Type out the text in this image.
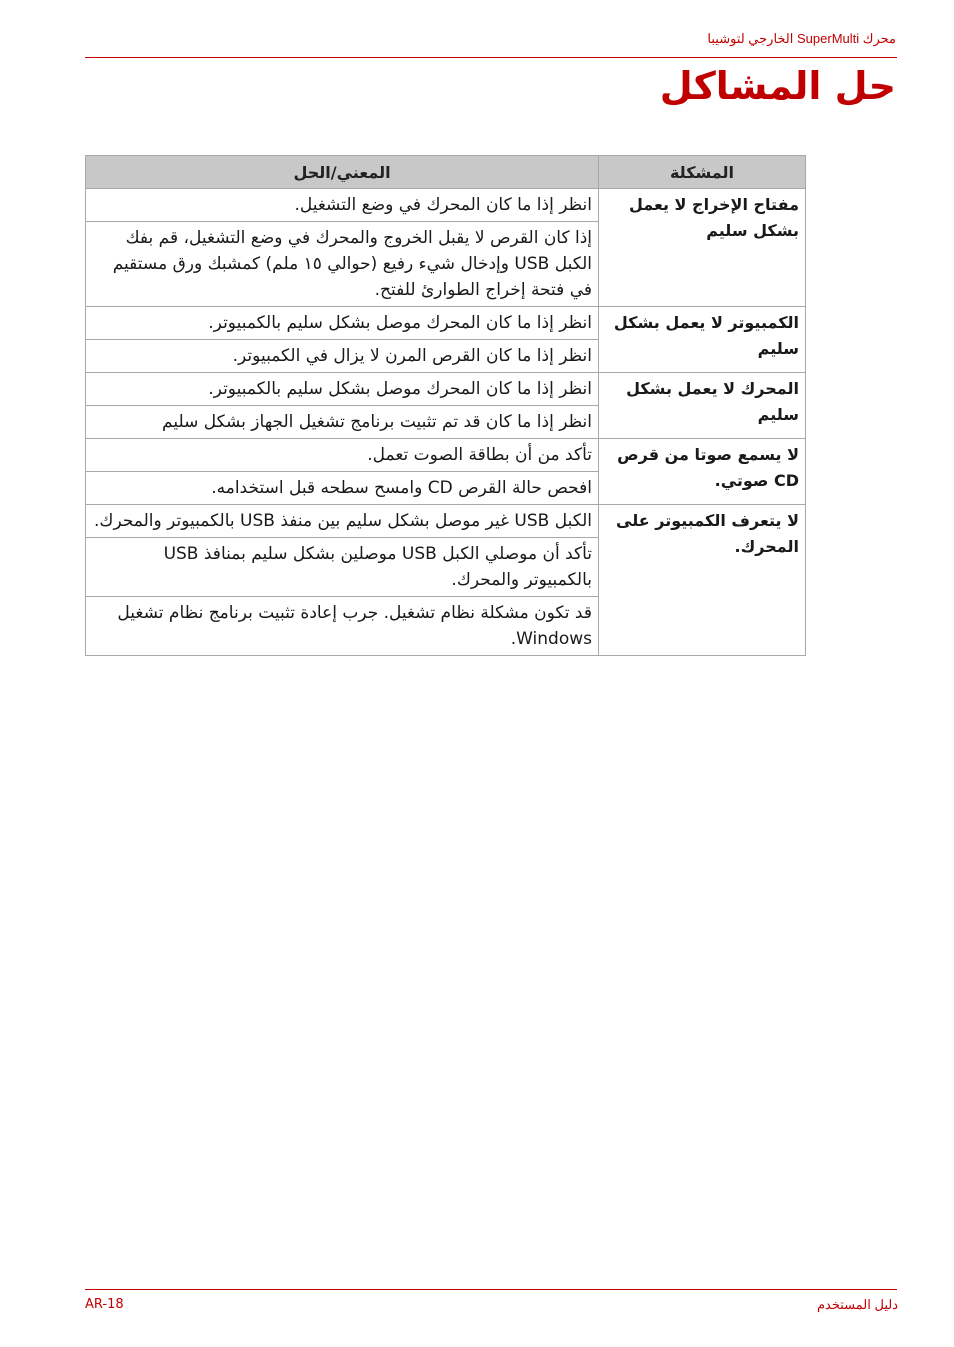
محرك SuperMulti الخارجي لتوشيبا
حل المشاكل
المشكلة	المعني/الحل
مفتاح الإخراج لا يعمل بشكل سليم	انظر إذا ما كان المحرك في وضع التشغيل.
	إذا كان القرص لا يقبل الخروج والمحرك في وضع التشغيل، قم بفك الكبل USB وإدخال شيء رفيع (حوالي ١٥ ملم) كمشبك ورق مستقيم في فتحة إخراج الطوارئ للفتح.
الكمبيوتر لا يعمل بشكل سليم	انظر إذا ما كان المحرك موصل بشكل سليم بالكمبيوتر.
	انظر إذا ما كان القرص المرن لا يزال في الكمبيوتر.
المحرك لا يعمل بشكل سليم	انظر إذا ما كان المحرك موصل بشكل سليم بالكمبيوتر.
	انظر إذا ما كان قد تم تثبيت برنامج تشغيل الجهاز بشكل سليم
لا يسمع صوتا من قرص CD صوتي.	تأكد من أن بطاقة الصوت تعمل.
	افحص حالة القرص CD وامسح سطحه قبل استخدامه.
لا يتعرف الكمبيوتر على المحرك.	الكبل USB غير موصل بشكل سليم بين منفذ USB بالكمبيوتر والمحرك.
	تأكد أن موصلي الكبل USB موصلين بشكل سليم بمنافذ USB بالكمبيوتر والمحرك.
	قد تكون مشكلة نظام تشغيل. جرب إعادة تثبيت برنامج نظام تشغيل Windows.
AR-18	دليل المستخدم
